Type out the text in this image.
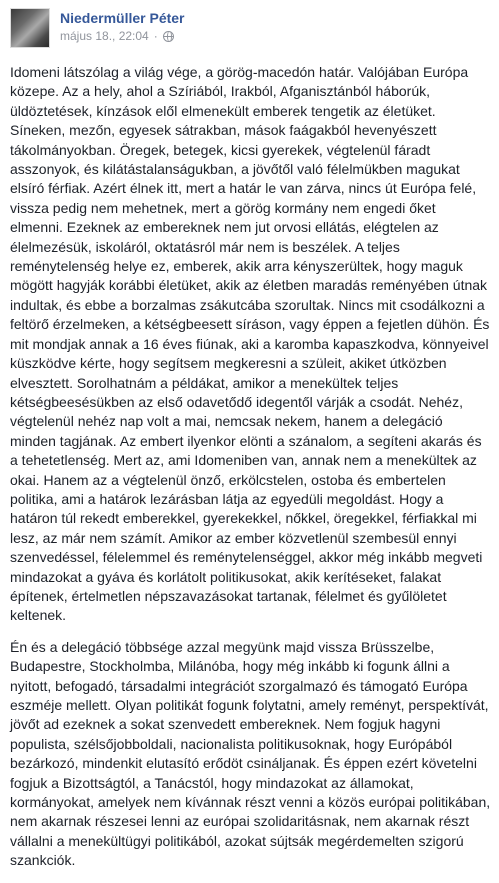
Niedermüller Péter
május 18., 22:04 ·

Idomeni látszólag a világ vége, a görög-macedón határ. Valójában Európa közepe. Az a hely, ahol a Szíriából, Irakból, Afganisztánból háborúk, üldöztetések, kínzások elől elmenekült emberek tengetik az életüket. Síneken, mezőn, egyesek sátrakban, mások faágakból hevenyészett tákolmányokban. Öregek, betegek, kicsi gyerekek, végtelenül fáradt asszonyok, és kilátástalanságukban, a jövőtől való félelmükben magukat elsíró férfiak. Azért élnek itt, mert a határ le van zárva, nincs út Európa felé, vissza pedig nem mehetnek, mert a görög kormány nem engedi őket elmenni. Ezeknek az embereknek nem jut orvosi ellátás, elégtelen az élelmezésük, iskoláról, oktatásról már nem is beszélek. A teljes reménytelenség helye ez, emberek, akik arra kényszerültek, hogy maguk mögött hagyják korábbi életüket, akik az életben maradás reményében útnak indultak, és ebbe a borzalmas zsákutcába szorultak. Nincs mit csodálkozni a feltörő érzelmeken, a kétségbeesett síráson, vagy éppen a fejetlen dühön. És mit mondjak annak a 16 éves fiúnak, aki a karomba kapaszkodva, könnyeivel küszködve kérte, hogy segítsem megkeresni a szüleit, akiket útközben elvesztett. Sorolhatnám a példákat, amikor a menekültek teljes kétségbeesésükben az első odavetődő idegentől várják a csodát. Nehéz, végtelenül nehéz nap volt a mai, nemcsak nekem, hanem a delegáció minden tagjának. Az embert ilyenkor elönti a szánalom, a segíteni akarás és a tehetetlenség. Mert az, ami Idomeniben van, annak nem a menekültek az okai. Hanem az a végtelenül önző, erkölcstelen, ostoba és embertelen politika, ami a határok lezárásban látja az egyedüli megoldást. Hogy a határon túl rekedt emberekkel, gyerekekkel, nőkkel, öregekkel, férfiakkal mi lesz, az már nem számít. Amikor az ember közvetlenül szembesül ennyi szenvedéssel, félelemmel és reménytelenséggel, akkor még inkább megveti mindazokat a gyáva és korlátolt politikusokat, akik kerítéseket, falakat építenek, értelmetlen népszavazásokat tartanak, félelmet és gyűlöletet keltenek.

Én és a delegáció többsége azzal megyünk majd vissza Brüsszelbe, Budapestre, Stockholmba, Milánóba, hogy még inkább ki fogunk állni a nyitott, befogadó, társadalmi integrációt szorgalmazó és támogató Európa eszméje mellett. Olyan politikát fogunk folytatni, amely reményt, perspektívát, jövőt ad ezeknek a sokat szenvedett embereknek. Nem fogjuk hagyni populista, szélsőjobboldali, nacionalista politikusoknak, hogy Európából bezárkozó, mindenkit elutasító erődöt csináljanak. És éppen ezért követelni fogjuk a Bizottságtól, a Tanácstól, hogy mindazokat az államokat, kormányokat, amelyek nem kívánnak részt venni a közös európai politikában, nem akarnak részesei lenni az európai szolidaritásnak, nem akarnak részt vállalni a menekültügyi politikából, azokat sújtsák megérdemelten szigorú szankciók.
